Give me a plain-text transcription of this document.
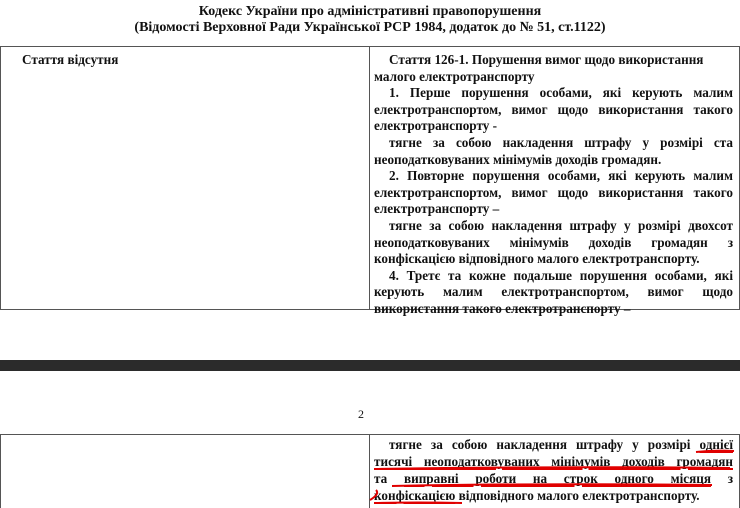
Кодекс України про адміністративні правопорушення
(Відомості Верховної Ради Української РСР 1984, додаток до № 51, ст.1122)
Стаття відсутня	Стаття 126-1. Порушення вимог щодо використання
малого електротранспорту
1. Перше порушення особами, які керують малим
електротранспортом, вимог щодо використання такого
електротранспорту -
тягне за собою накладення штрафу у розмірі ста
неоподатковуваних мінімумів доходів громадян.
2. Повторне порушення особами, які керують малим
електротранспортом, вимог щодо використання такого
електротранспорту –
тягне за собою накладення штрафу у розмірі двохсот
неоподатковуваних мінімумів доходів громадян з
конфіскацією відповідного малого електротранспорту.
4. Третє та кожне подальше порушення особами, які
керують малим електротранспортом, вимог щодо
використання такого електротранспорту –
2
тягне за собою накладення штрафу у розмірі однієї
тисячі неоподатковуваних мінімумів доходів громадян
та виправні роботи на строк одного місяця з
конфіскацією відповідного малого електротранспорту.
